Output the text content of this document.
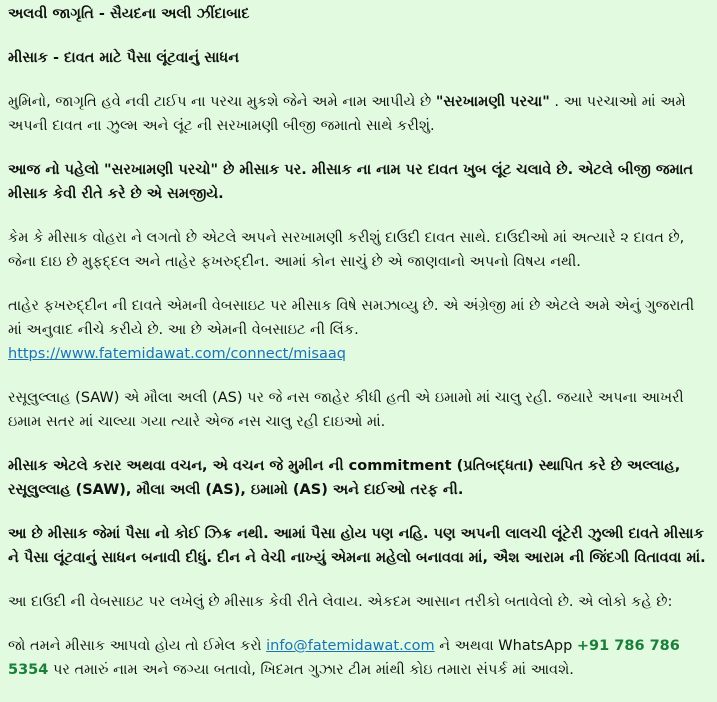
અલવી જાગૃતિ - સૈયદના અલી ઝીંદાબાદ

મીસાક - દાવત માટે પૈસા લૂંટવાનું સાધન

મુમિનો, જાગૃતિ હવે નવી ટાઈપ ના પરચા મુકશે જેને અમે નામ આપીયે છે "સરખામણી પરચા" . આ પરચાઓ માં અમે અપની દાવત ના ઝુલ્મ અને લૂંટ ની સરખામણી બીજી જમાતો સાથે કરીશું.

આજ નો પહેલો "સરખામણી પરચો" છે મીસાક પર. મીસાક ના નામ પર દાવત ખુબ લૂંટ ચલાવે છે. એટલે બીજી જમાત મીસાક કેવી રીતે કરે છે એ સમજીયે.

કેમ કે મીસાક વોહરા ને લગતો છે એટલે અપને સરખામણી કરીશું દાઉદી દાવત સાથે. દાઉદીઓ માં અત્યારે ૨ દાવત છે, જેના દાઇ છે મુફદ્દલ અને તાહેર ફખરુદ્દીન. આમાં કોન સાચું છે એ જાણવાનો અપનો વિષય નથી.

તાહેર ફખરુદ્દીન ની દાવતે એમની વેબસાઇટ પર મીસાક વિષે સમઝાવ્યુ છે. એ અંગ્રેજી માં છે એટલે અમે એનું ગુજરાતી માં અનુવાદ નીચે કરીયે છે. આ છે એમની વેબસાઇટ ની લિંક.
https://www.fatemidawat.com/connect/misaaq

રસૂલુલ્લાહ (SAW) એ મૌલા અલી (AS) પર જે નસ જાહેર કીધી હતી એ ઇમામો માં ચાલુ રહી. જયારે અપના આખરી ઇમામ સતર માં ચાલ્યા ગયા ત્યારે એજ નસ ચાલુ રહી દાઇઓ માં.

મીસાક એટલે કરાર અથવા વચન, એ વચન જે મુમીન ની commitment (પ્રતિબદ્ધતા) સ્થાપિત કરે છે અલ્લાહ, રસૂલુલ્લાહ (SAW), મૌલા અલી (AS), ઇમામો (AS) અને દાઈઓ તરફ ની.

આ છે મીસાક જેમાં પૈસા નો કોઈ ઝિક્ર નથી. આમાં પૈસા હોય પણ નહિ. પણ અપની લાલચી લૂંટેરી ઝુલ્મી દાવતે મીસાક ને પૈસા લૂંટવાનું સાધન બનાવી દીધું. દીન ને વેચી નાખ્યું એમના મહેલો બનાવવા માં, ઐશ આરામ ની જિંદગી વિતાવવા માં.

આ દાઉદી ની વેબસાઇટ પર લખેલું છે મીસાક કેવી રીતે લેવાય. એકદમ આસાન તરીકો બતાવેલો છે. એ લોકો કહે છે:

જો તમને મીસાક આપવો હોય તો ઈમેલ કરો info@fatemidawat.com ને અથવા WhatsApp +91 786 786 5354 પર તમારું નામ અને જગ્યા બતાવો, ખિદમત ગુઝાર ટીમ માંથી કોઇ તમારા સંપર્ક માં આવશે.
